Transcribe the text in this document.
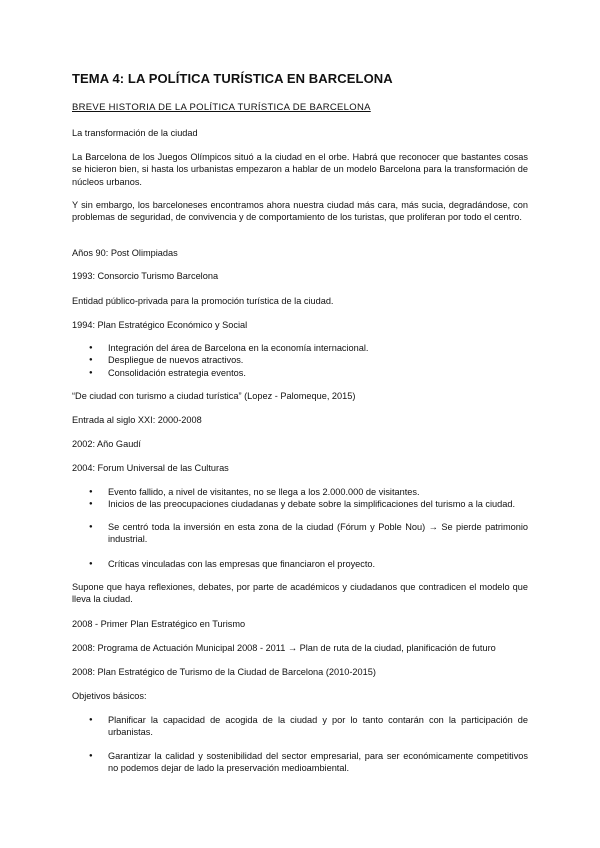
TEMA 4: LA POLÍTICA TURÍSTICA EN BARCELONA

BREVE HISTORIA DE LA POLÍTICA TURÍSTICA DE BARCELONA

La transformación de la ciudad

La Barcelona de los Juegos Olímpicos situó a la ciudad en el orbe. Habrá que reconocer que bastantes cosas se hicieron bien, si hasta los urbanistas empezaron a hablar de un modelo Barcelona para la transformación de núcleos urbanos.

Y sin embargo, los barceloneses encontramos ahora nuestra ciudad más cara, más sucia, degradándose, con problemas de seguridad, de convivencia y de comportamiento de los turistas, que proliferan por todo el centro.

Años 90: Post Olimpiadas

1993: Consorcio Turismo Barcelona

Entidad público-privada para la promoción turística de la ciudad.

1994: Plan Estratégico Económico y Social

● Integración del área de Barcelona en la economía internacional.
● Despliegue de nuevos atractivos.
● Consolidación estrategia eventos.

“De ciudad con turismo a ciudad turística” (Lopez - Palomeque, 2015)

Entrada al siglo XXI: 2000-2008

2002: Año Gaudí

2004: Forum Universal de las Culturas

● Evento fallido, a nivel de visitantes, no se llega a los 2.000.000 de visitantes.
● Inicios de las preocupaciones ciudadanas y debate sobre la simplificaciones del turismo a la ciudad.
● Se centró toda la inversión en esta zona de la ciudad (Fórum y Poble Nou) → Se pierde patrimonio industrial.
● Críticas vinculadas con las empresas que financiaron el proyecto.

Supone que haya reflexiones, debates, por parte de académicos y ciudadanos que contradicen el modelo que lleva la ciudad.

2008 - Primer Plan Estratégico en Turismo

2008: Programa de Actuación Municipal 2008 - 2011 → Plan de ruta de la ciudad, planificación de futuro

2008: Plan Estratégico de Turismo de la Ciudad de Barcelona (2010-2015)

Objetivos básicos:

● Planificar la capacidad de acogida de la ciudad y por lo tanto contarán con la participación de urbanistas.
● Garantizar la calidad y sostenibilidad del sector empresarial, para ser económicamente competitivos no podemos dejar de lado la preservación medioambiental.
